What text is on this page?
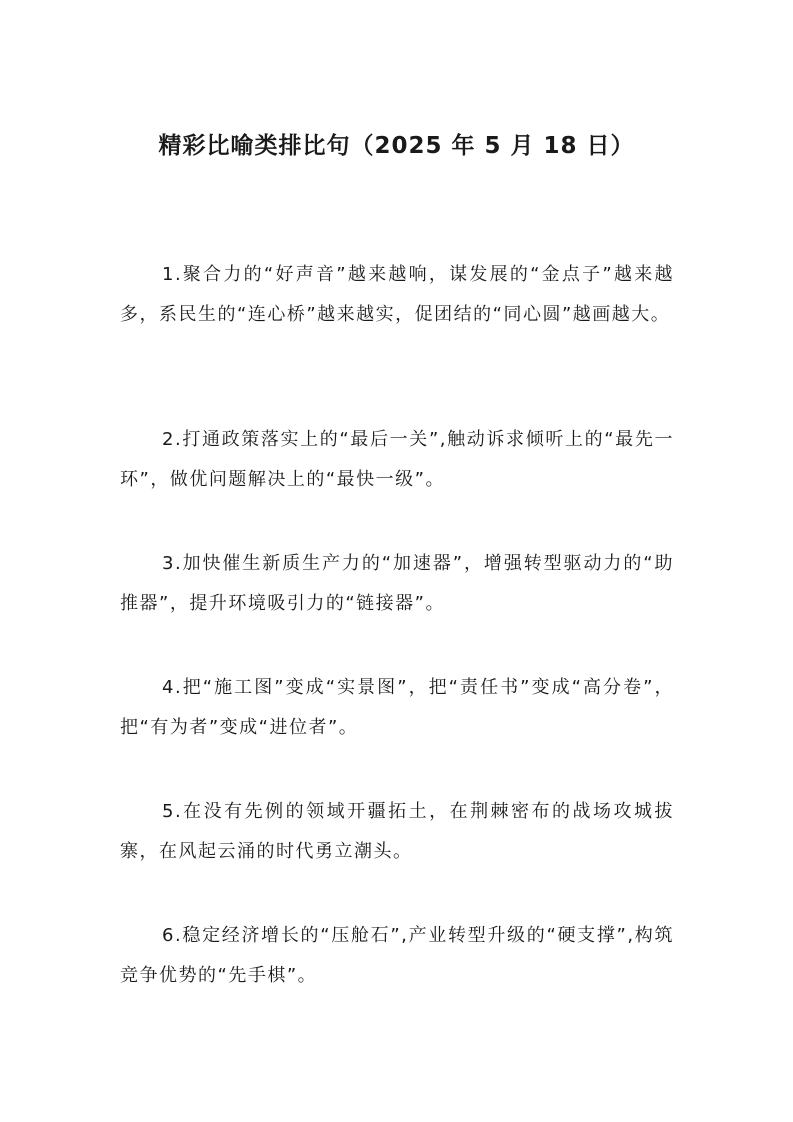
精彩比喻类排比句（2025 年 5 月 18 日）

1.聚合力的“好声音”越来越响，谋发展的“金点子”越来越多，系民生的“连心桥”越来越实，促团结的“同心圆”越画越大。

2.打通政策落实上的“最后一关”,触动诉求倾听上的“最先一环”，做优问题解决上的“最快一级”。

3.加快催生新质生产力的“加速器”，增强转型驱动力的“助推器”，提升环境吸引力的“链接器”。

4.把“施工图”变成“实景图”，把“责任书”变成“高分卷”，把“有为者”变成“进位者”。

5.在没有先例的领域开疆拓土，在荆棘密布的战场攻城拔寨，在风起云涌的时代勇立潮头。

6.稳定经济增长的“压舱石”,产业转型升级的“硬支撑”,构筑竞争优势的“先手棋”。
